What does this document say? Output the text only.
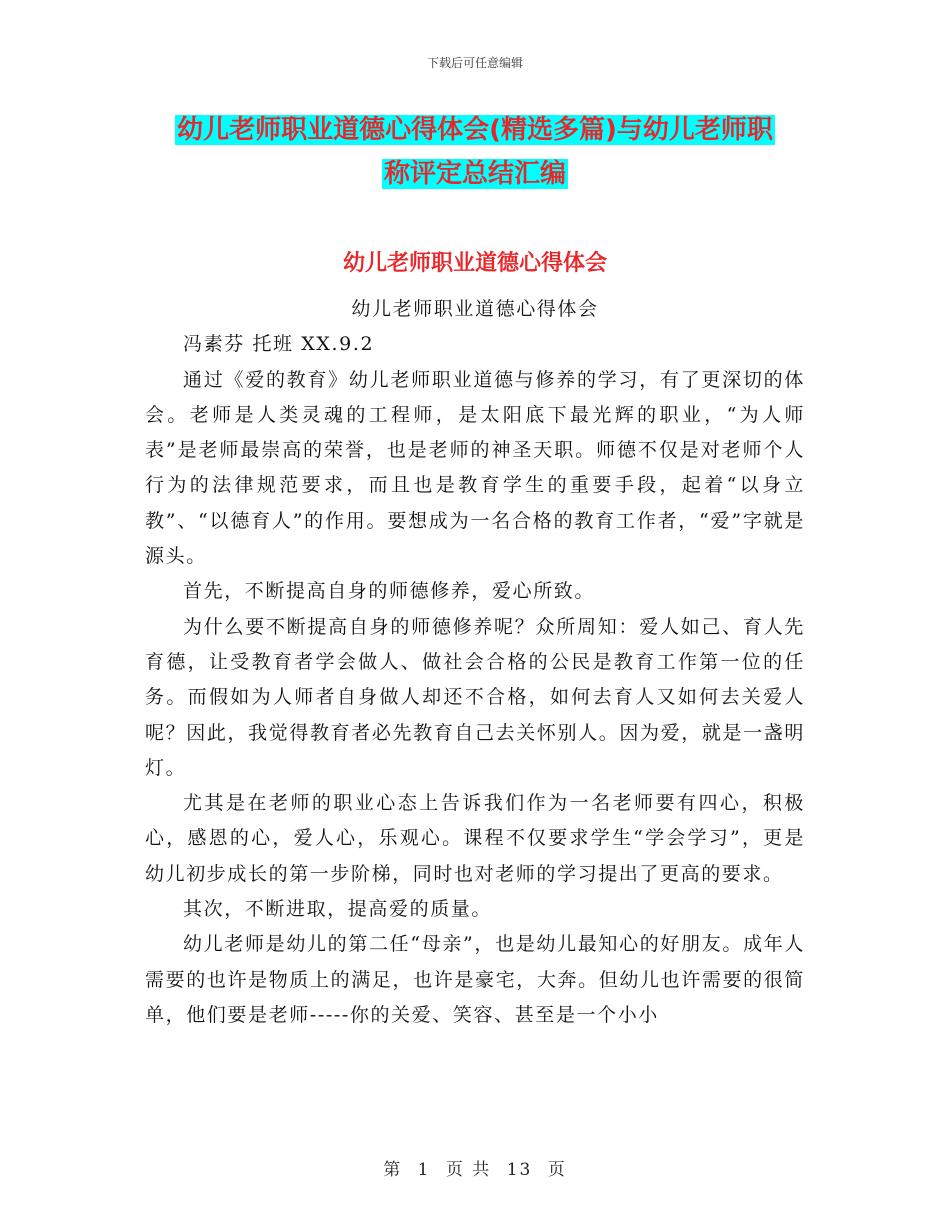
下载后可任意编辑
幼儿老师职业道德心得体会(精选多篇)与幼儿老师职
称评定总结汇编
幼儿老师职业道德心得体会

幼儿老师职业道德心得体会

冯素芬 托班 XX.9.2

通过《爱的教育》幼儿老师职业道德与修养的学习，有了更深切的体会。老师是人类灵魂的工程师，是太阳底下最光辉的职业，“为人师表”是老师最崇高的荣誉，也是老师的神圣天职。师德不仅是对老师个人行为的法律规范要求，而且也是教育学生的重要手段，起着“以身立教”、“以德育人”的作用。要想成为一名合格的教育工作者，“爱”字就是源头。

首先，不断提高自身的师德修养，爱心所致。

为什么要不断提高自身的师德修养呢？众所周知：爱人如己、育人先育德，让受教育者学会做人、做社会合格的公民是教育工作第一位的任务。而假如为人师者自身做人却还不合格，如何去育人又如何去关爱人呢？因此，我觉得教育者必先教育自己去关怀别人。因为爱，就是一盏明灯。

尤其是在老师的职业心态上告诉我们作为一名老师要有四心，积极心，感恩的心，爱人心，乐观心。课程不仅要求学生“学会学习”，更是幼儿初步成长的第一步阶梯，同时也对老师的学习提出了更高的要求。

其次，不断进取，提高爱的质量。

幼儿老师是幼儿的第二任“母亲”，也是幼儿最知心的好朋友。成年人需要的也许是物质上的满足，也许是豪宅，大奔。但幼儿也许需要的很简单，他们要是老师-----你的关爱、笑容、甚至是一个小小

第 1 页 共 13 页
